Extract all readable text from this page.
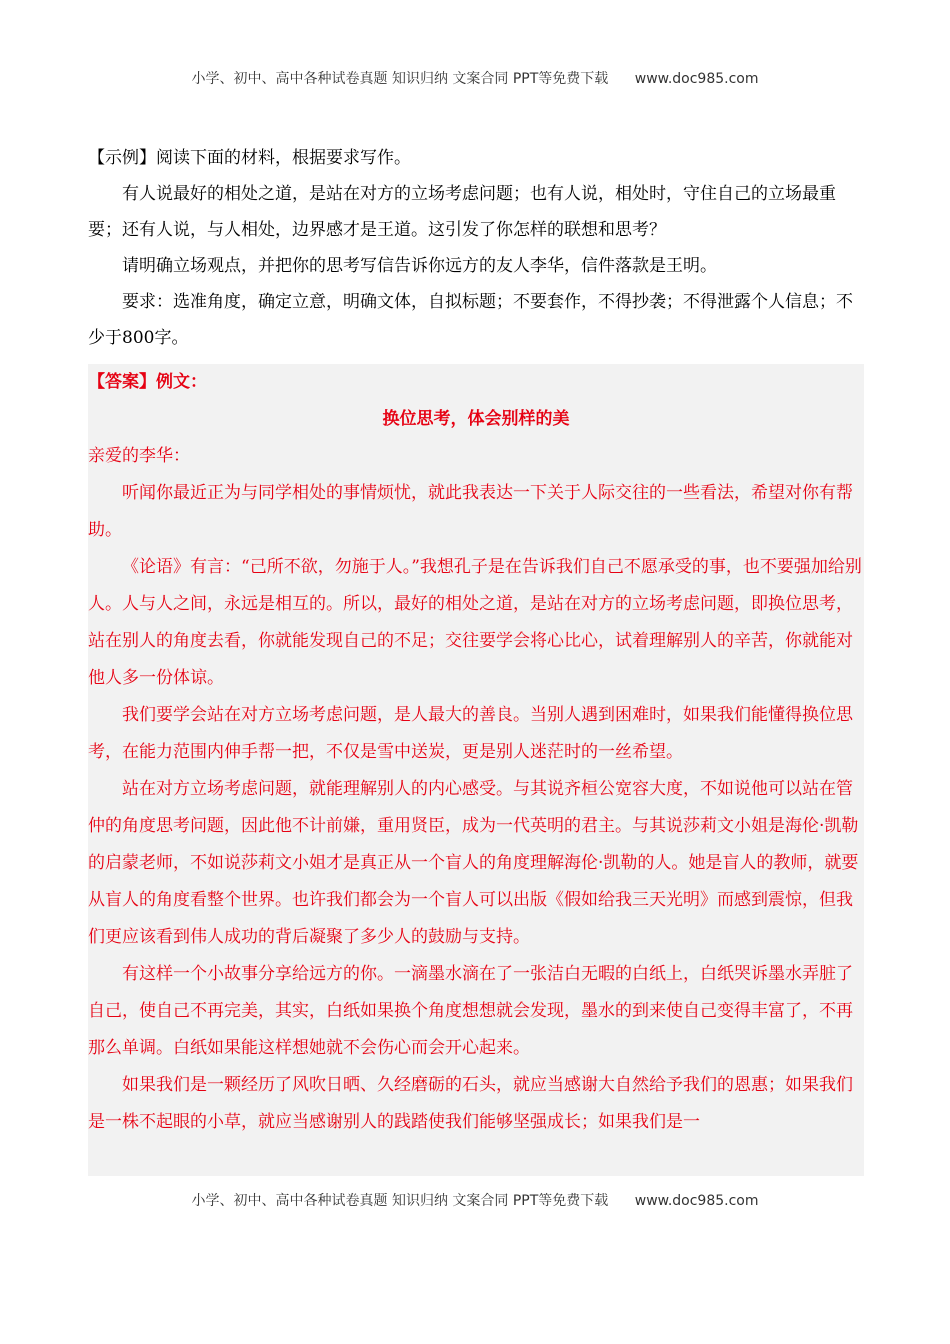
小学、初中、高中各种试卷真题 知识归纳 文案合同 PPT等免费下载 www.doc985.com

【示例】阅读下面的材料，根据要求写作。

有人说最好的相处之道，是站在对方的立场考虑问题；也有人说，相处时，守住自己的立场最重要；还有人说，与人相处，边界感才是王道。这引发了你怎样的联想和思考？

请明确立场观点，并把你的思考写信告诉你远方的友人李华，信件落款是王明。

要求：选准角度，确定立意，明确文体，自拟标题；不要套作，不得抄袭；不得泄露个人信息；不少于800字。

【答案】例文：

换位思考，体会别样的美

亲爱的李华：

听闻你最近正为与同学相处的事情烦忧，就此我表达一下关于人际交往的一些看法，希望对你有帮助。

《论语》有言：“己所不欲，勿施于人。”我想孔子是在告诉我们自己不愿承受的事，也不要强加给别人。人与人之间，永远是相互的。所以，最好的相处之道，是站在对方的立场考虑问题，即换位思考，站在别人的角度去看，你就能发现自己的不足；交往要学会将心比心，试着理解别人的辛苦，你就能对他人多一份体谅。

我们要学会站在对方立场考虑问题，是人最大的善良。当别人遇到困难时，如果我们能懂得换位思考，在能力范围内伸手帮一把，不仅是雪中送炭，更是别人迷茫时的一丝希望。

站在对方立场考虑问题，就能理解别人的内心感受。与其说齐桓公宽容大度，不如说他可以站在管仲的角度思考问题，因此他不计前嫌，重用贤臣，成为一代英明的君主。与其说莎莉文小姐是海伦·凯勒的启蒙老师，不如说莎莉文小姐才是真正从一个盲人的角度理解海伦·凯勒的人。她是盲人的教师，就要从盲人的角度看整个世界。也许我们都会为一个盲人可以出版《假如给我三天光明》而感到震惊，但我们更应该看到伟人成功的背后凝聚了多少人的鼓励与支持。

有这样一个小故事分享给远方的你。一滴墨水滴在了一张洁白无暇的白纸上，白纸哭诉墨水弄脏了自己，使自己不再完美，其实，白纸如果换个角度想想就会发现，墨水的到来使自己变得丰富了，不再那么单调。白纸如果能这样想她就不会伤心而会开心起来。

如果我们是一颗经历了风吹日晒、久经磨砺的石头，就应当感谢大自然给予我们的恩惠；如果我们是一株不起眼的小草，就应当感谢别人的践踏使我们能够坚强成长；如果我们是一

小学、初中、高中各种试卷真题 知识归纳 文案合同 PPT等免费下载 www.doc985.com
